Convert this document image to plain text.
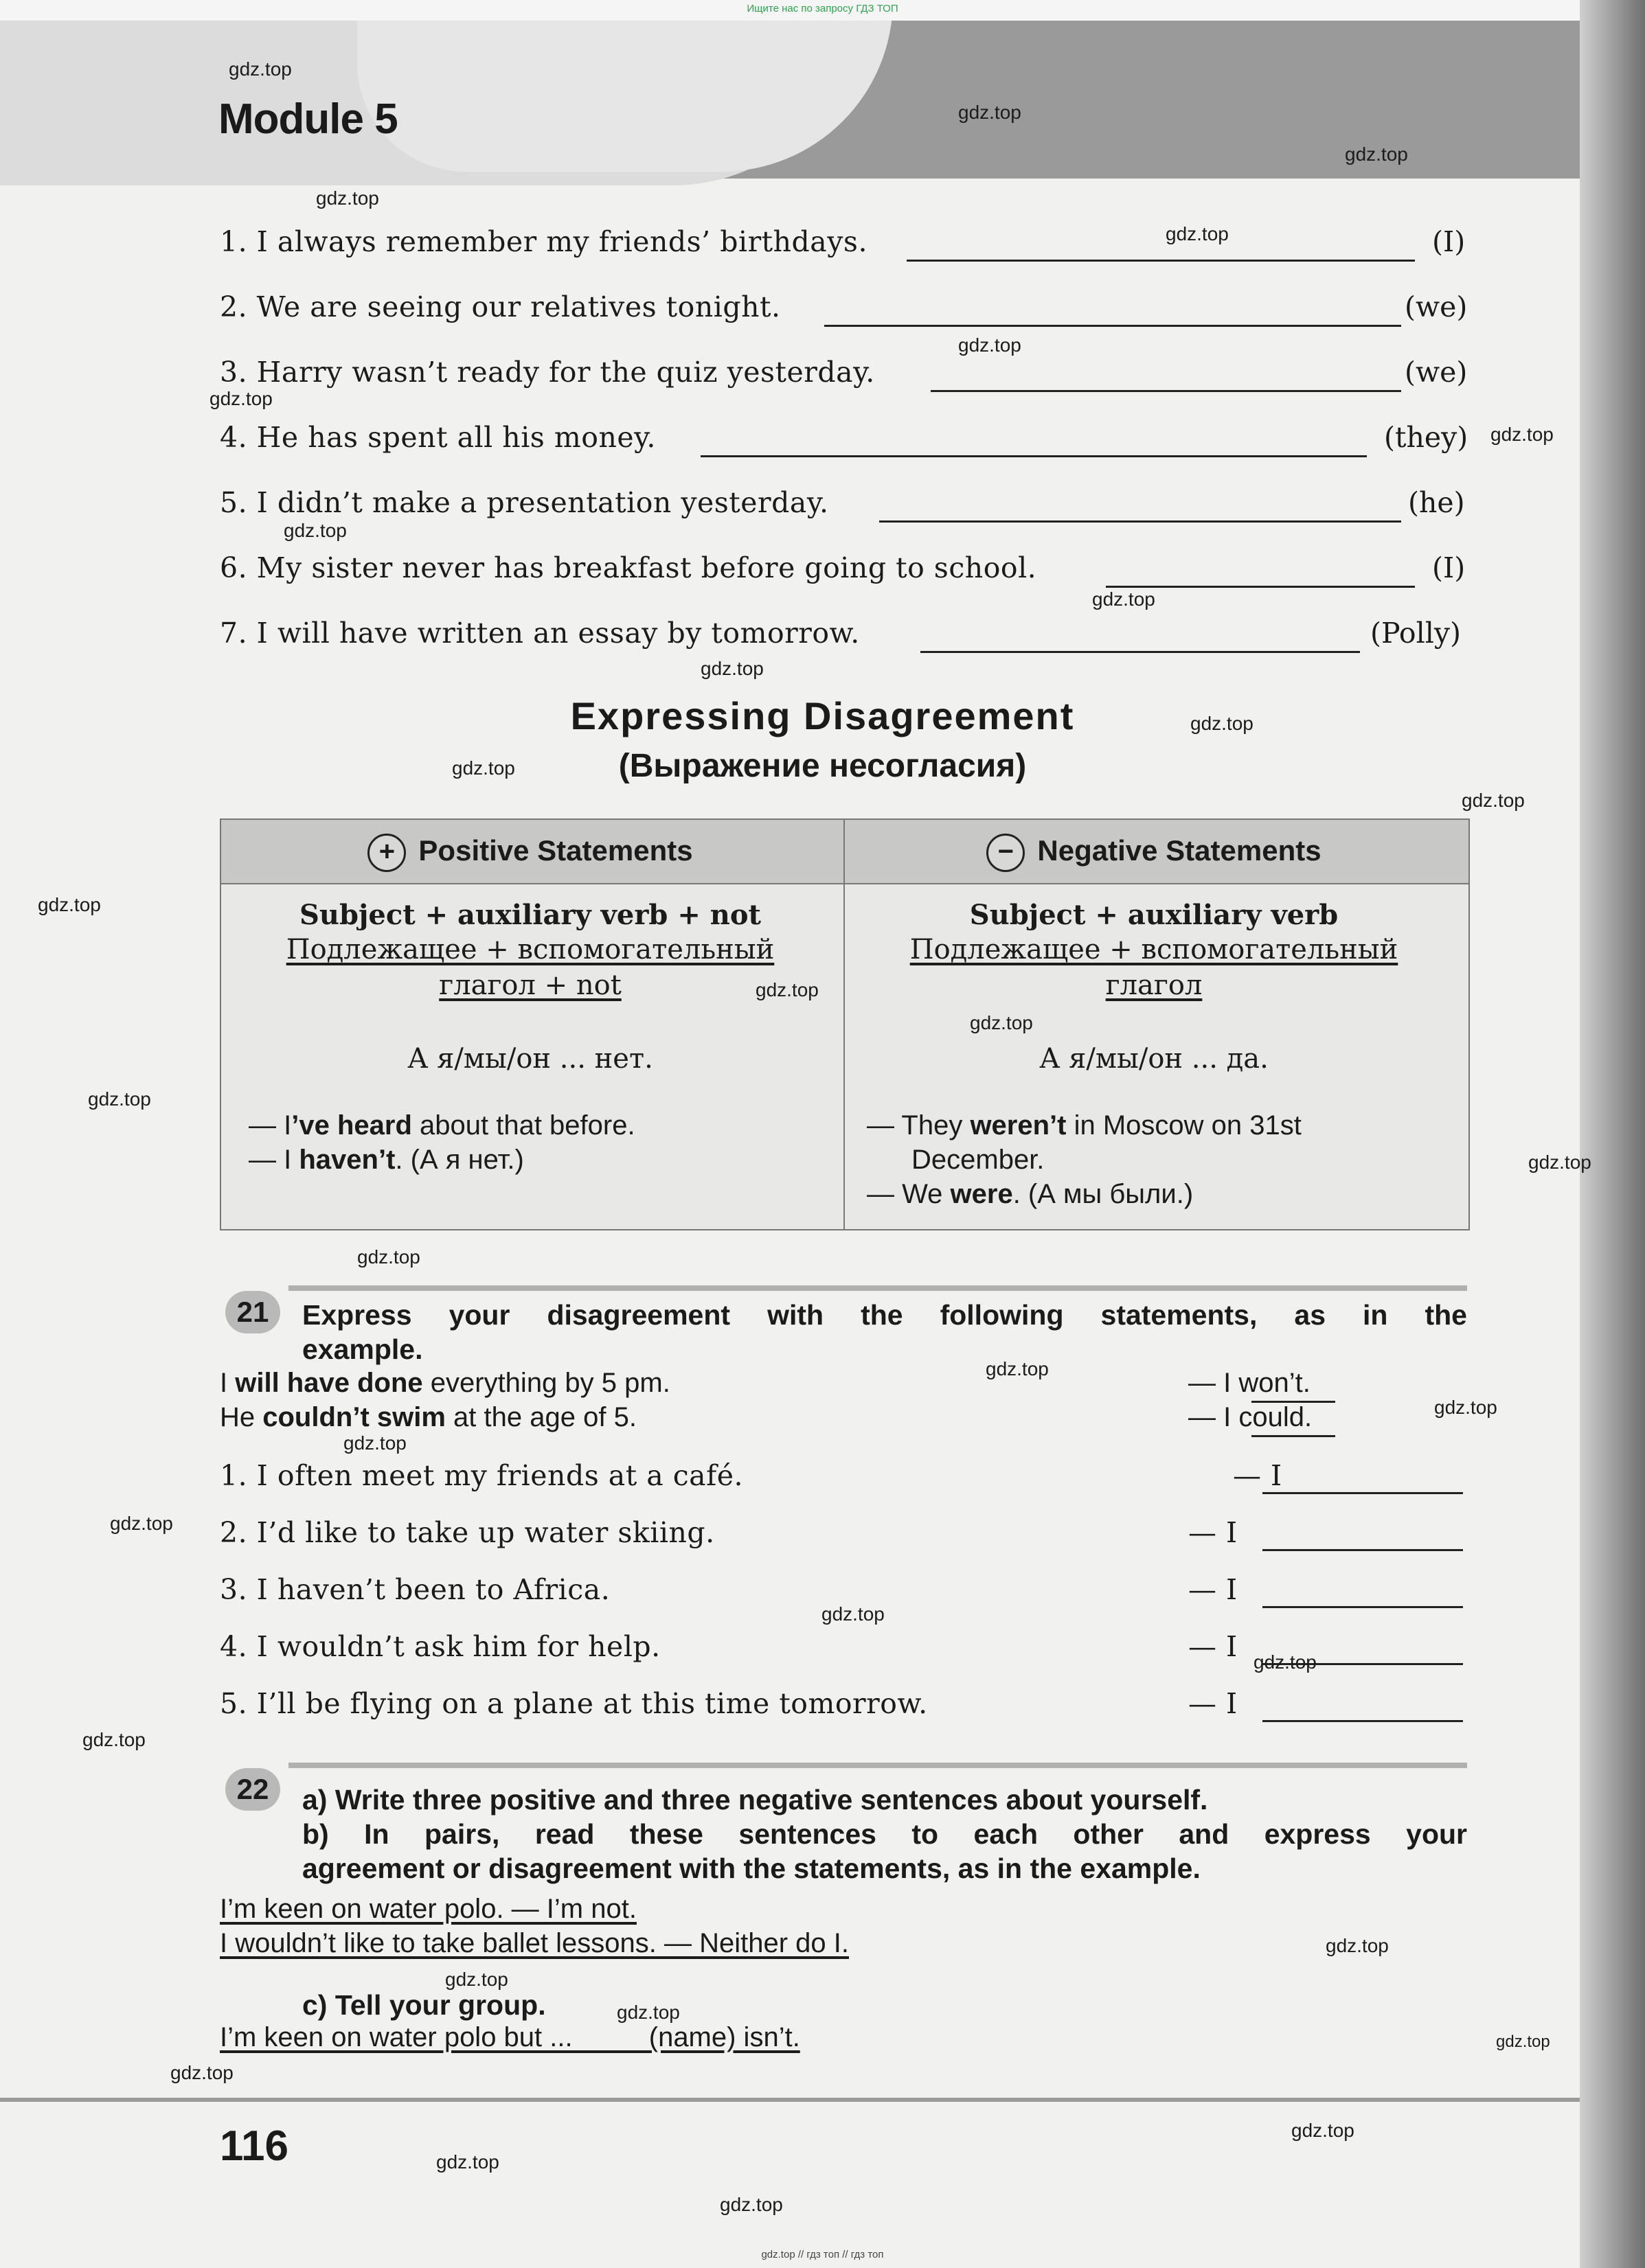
Ищите нас по запросу ГДЗ ТОП
Module 5
1. I always remember my friends’ birthdays.	(I)
2. We are seeing our relatives tonight.	(we)
3. Harry wasn’t ready for the quiz yesterday.	(we)
4. He has spent all his money.	(they)
5. I didn’t make a presentation yesterday.	(he)
6. My sister never has breakfast before going to school.	(I)
7. I will have written an essay by tomorrow.	(Polly)
Expressing Disagreement
(Выражение несогласия)
+ Positive Statements	− Negative Statements
Subject + auxiliary verb + not
Подлежащее + вспомогательный
глагол + not
А я/мы/он ... нет.
— I’ve heard about that before.
— I haven’t. (А я нет.)
Subject + auxiliary verb
Подлежащее + вспомогательный
глагол
А я/мы/он ... да.
— They weren’t in Moscow on 31st
December.
— We were. (А мы были.)
21	Express your disagreement with the following statements, as in the
example.
I will have done everything by 5 pm.	— I won’t.
He couldn’t swim at the age of 5.	— I could.
1. I often meet my friends at a café.	— I
2. I’d like to take up water skiing.	— I
3. I haven’t been to Africa.	— I
4. I wouldn’t ask him for help.	— I
5. I’ll be flying on a plane at this time tomorrow.	— I
22	a) Write three positive and three negative sentences about yourself.
b) In pairs, read these sentences to each other and express your
agreement or disagreement with the statements, as in the example.
I’m keen on water polo. — I’m not.
I wouldn’t like to take ballet lessons. — Neither do I.
c) Tell your group.
I’m keen on water polo but ...          (name) isn’t.
116
gdz.top // гдз топ // гдз топ
gdz.top
gdz.top
gdz.top
gdz.top
gdz.top
gdz.top
gdz.top
gdz.top
gdz.top
gdz.top
gdz.top
gdz.top
gdz.top
gdz.top
gdz.top
gdz.top
gdz.top
gdz.top
gdz.top
gdz.top
gdz.top
gdz.top
gdz.top
gdz.top
gdz.top
gdz.top
gdz.top
gdz.top
gdz.top
gdz.top
gdz.top
gdz.top
gdz.top
gdz.top
gdz.top
